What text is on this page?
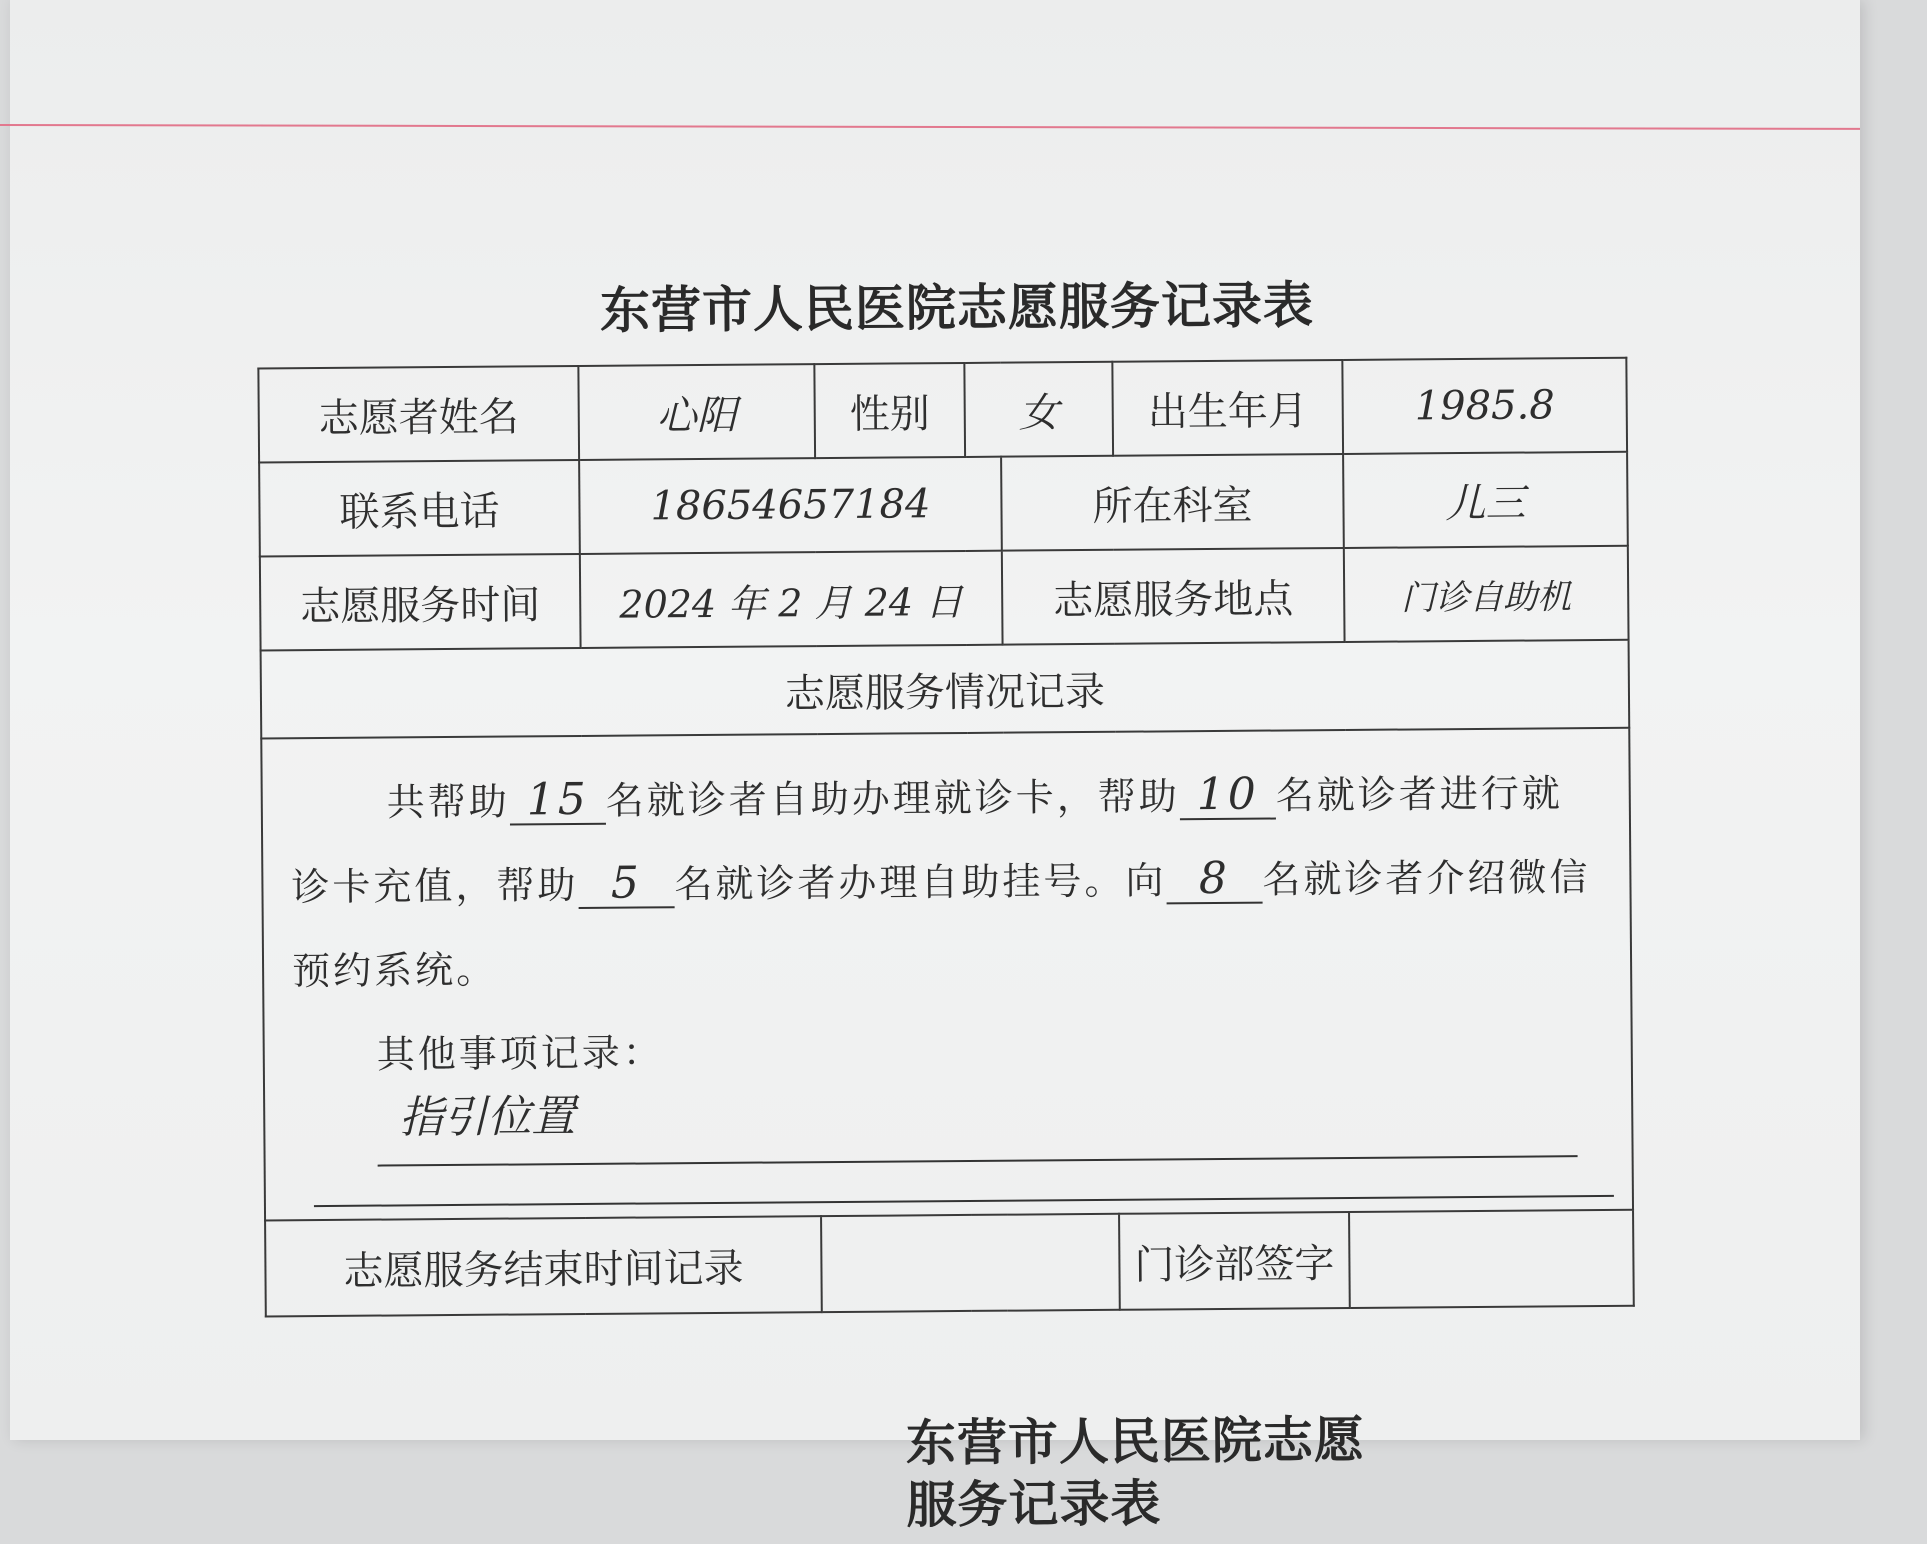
东营市人民医院志愿服务记录表
志愿者姓名	心阳	性别	女		出生年月	1985.8
联系电话	18654657184			所在科室		儿三
志愿服务时间	2024 年 2 月 24 日			志愿服务地点		门诊自助机
志愿服务情况记录						

共帮助 15 名就诊者自助办理就诊卡，帮助 10 名就诊者进行就诊卡充值，帮助 5 名就诊者办理自助挂号。向 8 名就诊者介绍微信预约系统。

其他事项记录：

指引位置						

志愿服务结束时间记录					门诊部签字	
东营市人民医院志愿服务记录表
